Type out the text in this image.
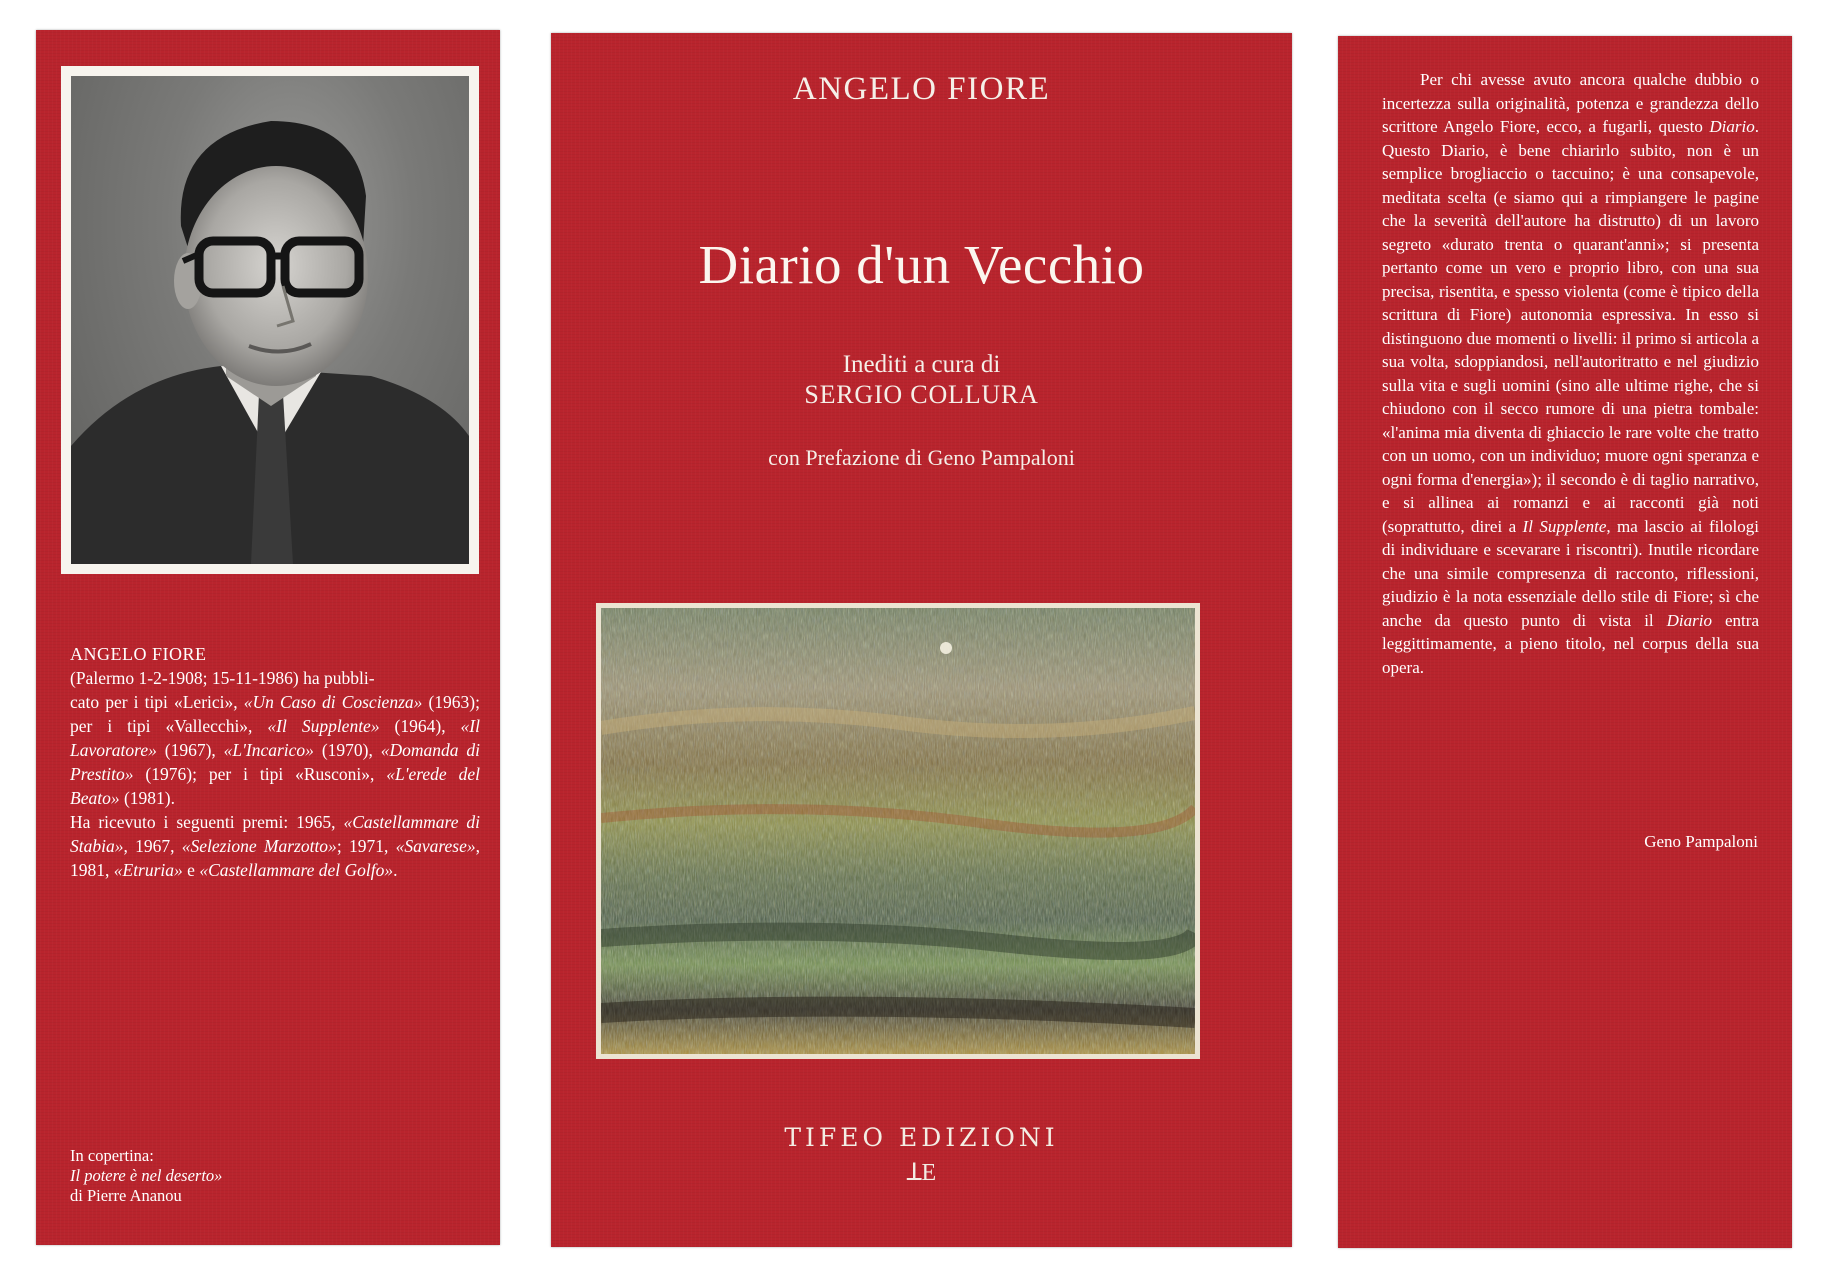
ANGELO FIORE
(Palermo 1-2-1908; 15-11-1986) ha pubbli-
cato per i tipi «Lerici», «Un Caso di Coscienza» (1963); per i tipi «Vallecchi», «Il Supplente» (1964), «Il Lavoratore» (1967), «L'Incarico» (1970), «Domanda di Prestito» (1976); per i tipi «Rusconi», «L'erede del Beato» (1981).
Ha ricevuto i seguenti premi: 1965, «Castellammare di Stabia», 1967, «Selezione Marzotto»; 1971, «Savarese», 1981, «Etruria» e «Castellammare del Golfo».
In copertina:
Il potere è nel deserto»
di Pierre Ananou
ANGELO FIORE
Diario d'un Vecchio
Inediti a cura di
SERGIO COLLURA
con Prefazione di Geno Pampaloni
TIFEO EDIZIONI
ꓕE
Per chi avesse avuto ancora qualche dubbio o incertezza sulla originalità, potenza e grandezza dello scrittore Angelo Fiore, ecco, a fugarli, questo Diario. Questo Diario, è bene chiarirlo subito, non è un semplice brogliaccio o taccuino; è una consapevole, meditata scelta (e siamo qui a rimpiangere le pagine che la severità dell'autore ha distrutto) di un lavoro segreto «durato trenta o quarant'anni»; si presenta pertanto come un vero e proprio libro, con una sua precisa, risentita, e spesso violenta (come è tipico della scrittura di Fiore) autonomia espressiva. In esso si distinguono due momenti o livelli: il primo si articola a sua volta, sdoppiandosi, nell'autoritratto e nel giudizio sulla vita e sugli uomini (sino alle ultime righe, che si chiudono con il secco rumore di una pietra tombale: «l'anima mia diventa di ghiaccio le rare volte che tratto con un uomo, con un individuo; muore ogni speranza e ogni forma d'energia»); il secondo è di taglio narrativo, e si allinea ai romanzi e ai racconti già noti (soprattutto, direi a Il Supplente, ma lascio ai filologi di individuare e scevarare i riscontri). Inutile ricordare che una simile compresenza di racconto, riflessioni, giudizio è la nota essenziale dello stile di Fiore; sì che anche da questo punto di vista il Diario entra leggittimamente, a pieno titolo, nel corpus della sua opera.
Geno Pampaloni
